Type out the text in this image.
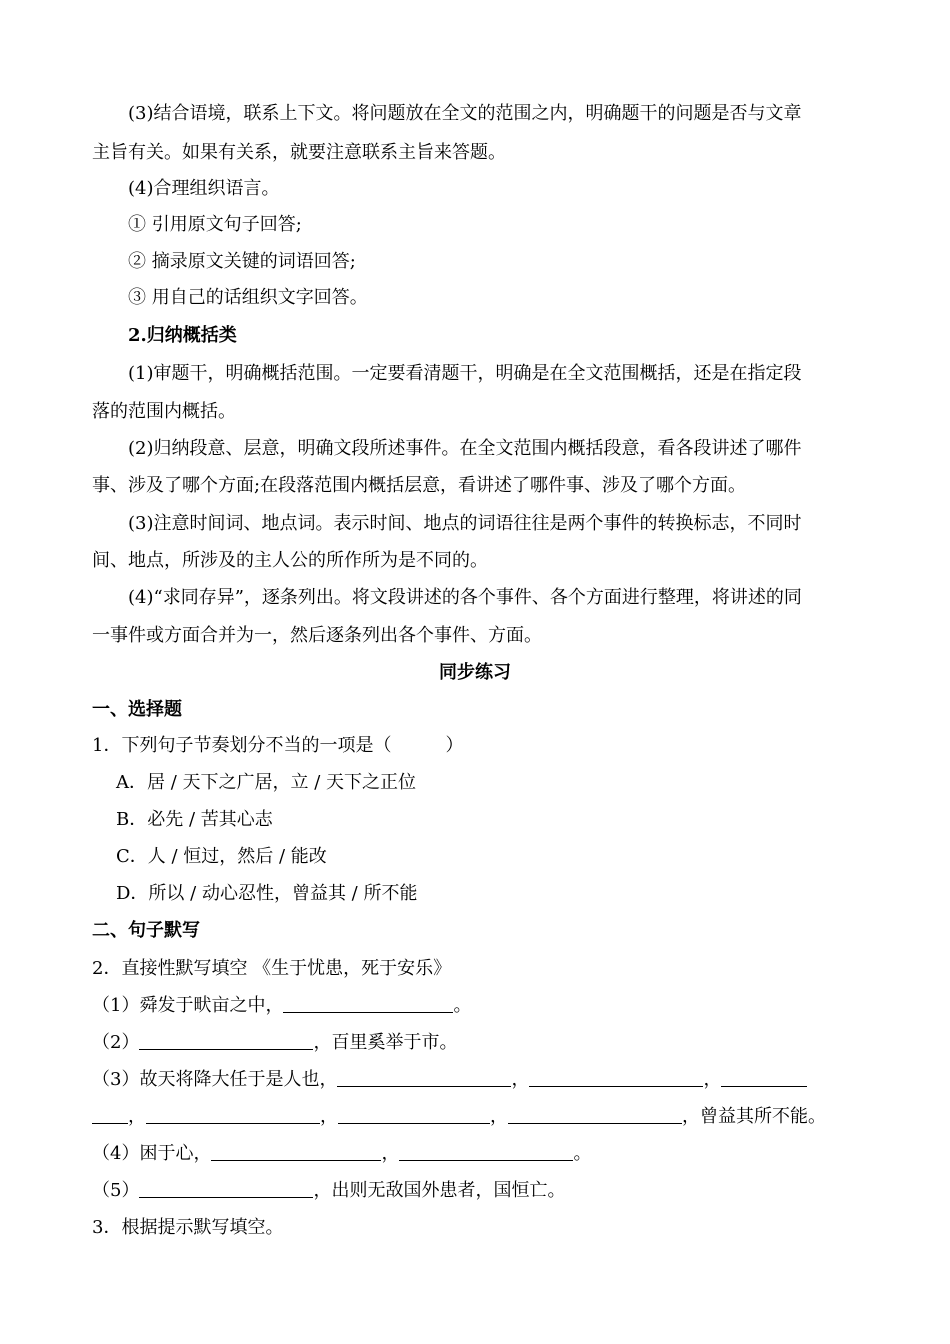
(3)结合语境，联系上下文。将问题放在全文的范围之内，明确题干的问题是否与文章
主旨有关。如果有关系，就要注意联系主旨来答题。
(4)合理组织语言。
① 引用原文句子回答;
② 摘录原文关键的词语回答;
③ 用自己的话组织文字回答。
2.归纳概括类
(1)审题干，明确概括范围。一定要看清题干，明确是在全文范围概括，还是在指定段
落的范围内概括。
(2)归纳段意、层意，明确文段所述事件。在全文范围内概括段意，看各段讲述了哪件
事、涉及了哪个方面;在段落范围内概括层意，看讲述了哪件事、涉及了哪个方面。
(3)注意时间词、地点词。表示时间、地点的词语往往是两个事件的转换标志，不同时
间、地点，所涉及的主人公的所作所为是不同的。
(4)“求同存异”，逐条列出。将文段讲述的各个事件、各个方面进行整理，将讲述的同
一事件或方面合并为一，然后逐条列出各个事件、方面。
同步练习
一、选择题
1．下列句子节奏划分不当的一项是（　　　）
A．居 / 天下之广居，立 / 天下之正位
B．必先 / 苦其心志
C．人 / 恒过，然后 / 能改
D．所以 / 动心忍性，曾益其 / 所不能
二、句子默写
2．直接性默写填空 《生于忧患，死于安乐》
（1）舜发于畎亩之中，	。
（2）	，百里奚举于市。
（3）故天将降大任于是人也，	，	，
，	，	，	，曾益其所不能。
（4）困于心，	，	。
（5）	，出则无敌国外患者，国恒亡。
3．根据提示默写填空。
